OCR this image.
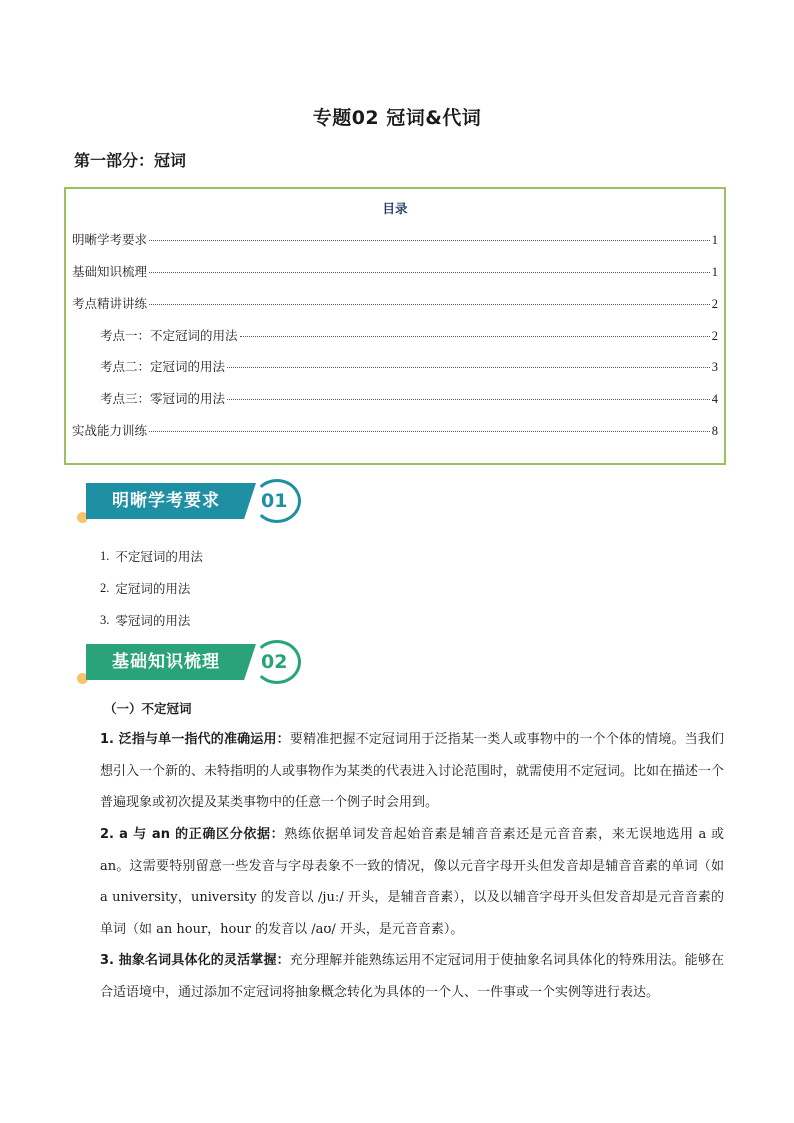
专题02 冠词&代词
第一部分：冠词
目录
明晰学考要求	1
基础知识梳理	1
考点精讲讲练	2
考点一：不定冠词的用法	2
考点二：定冠词的用法	3
考点三：零冠词的用法	4
实战能力训练	8
明晰学考要求	01
1. 不定冠词的用法
2. 定冠词的用法
3. 零冠词的用法
基础知识梳理	02
（一）不定冠词
1. 泛指与单一指代的准确运用：要精准把握不定冠词用于泛指某一类人或事物中的一个个体的情境。当我们想引入一个新的、未特指明的人或事物作为某类的代表进入讨论范围时，就需使用不定冠词。比如在描述一个普遍现象或初次提及某类事物中的任意一个例子时会用到。
2. a 与 an 的正确区分依据：熟练依据单词发音起始音素是辅音音素还是元音音素，来无误地选用 a 或 an。这需要特别留意一些发音与字母表象不一致的情况，像以元音字母开头但发音却是辅音音素的单词（如 a university，university 的发音以 /juː/ 开头，是辅音音素），以及以辅音字母开头但发音却是元音音素的单词（如 an hour，hour 的发音以 /aʊ/ 开头，是元音音素）。
3. 抽象名词具体化的灵活掌握：充分理解并能熟练运用不定冠词用于使抽象名词具体化的特殊用法。能够在合适语境中，通过添加不定冠词将抽象概念转化为具体的一个人、一件事或一个实例等进行表达。
